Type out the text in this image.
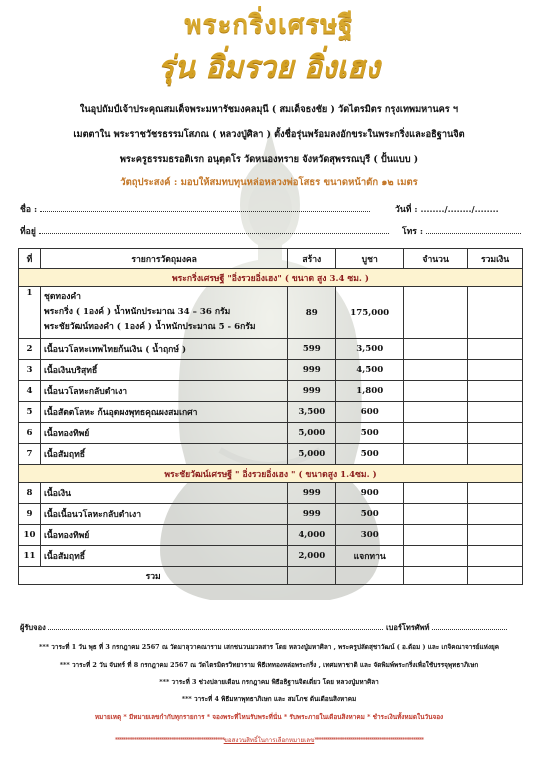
พระกริ่งเศรษฐี
รุ่น อิ่มรวย อิ่งเฮง
ในอุปถัมป์เจ้าประคุณสมเด็จพระมหารัชมงคลมุนี ( สมเด็จธงชัย ) วัดไตรมิตร กรุงเทพมหานคร ฯ
เมตตาใน พระราชวัชรธรรมโสภณ ( หลวงปู่ศิลา ) ตั้งชื่อรุ่นพร้อมลงอักขระในพระกริ่งและอธิฐานจิต
พระครูธรรมธรอติเรก อนุตฺตโร วัดหนองทราย จังหวัดสุพรรณบุรี ( ปั้นแบบ )
วัตถุประสงค์ : มอบให้สมทบทุนหล่อหลวงพ่อโสธร ขนาดหน้าตัก ๑๒ เมตร
ชื่อ :	วันที่ : ......../......../........
ที่อยู่	โทร :
ที่	รายการวัตถุมงคล	สร้าง	บูชา	จำนวน	รวมเงิน
พระกริ่งเศรษฐี "อิ่งรวยอิ่งเฮง" ( ขนาด สูง 3.4 ซม. )					
1	ชุดทองคำ
พระกริ่ง ( 1องค์ ) น้ำหนักประมาณ 34 – 36 กรัม
พระชัยวัฒน์ทองคำ ( 1องค์ ) น้ำหนักประมาณ 5 - 6กรัม	89	175,000		
2	เนื้อนวโลหะเทพไทยก้นเงิน ( น้ำฤกษ์ )	599	3,500		
3	เนื้อเงินบริสุทธิ์	999	4,500		
4	เนื้อนวโลหะกลับดำเงา	999	1,800		
5	เนื้อสัตตโลหะ ก้นอุดผงพุทธคุณผงสมเกศา	3,500	600		
6	เนื้อทองทิพย์	5,000	500		
7	เนื้อสัมฤทธิ์	5,000	500		
พระชัยวัฒน์เศรษฐี " อิ่งรวยอิ่งเฮง " ( ขนาดสูง 1.4ซม. )					
8	เนื้อเงิน	999	900		
9	เนื้อเนื้อนวโลหะกลับดำเงา	999	500		
10	เนื้อทองทิพย์	4,000	300		
11	เนื้อสัมฤทธิ์	2,000	แจกทาน		
รวม					
ผู้รับจอง	เบอร์โทรศัพท์
*** วาระที่ 1 วัน พุธ ที่ 3 กรกฎาคม 2567 ณ วัดมาลุวาคณาราม เสกชนวนมวลสาร โดย หลวงปู่มหาศิลา , พระครูปลัดสุชาวัฒน์ ( อ.ต้อม ) และ เกจิคณาจารย์แห่งยุค
*** วาระที่ 2 วัน จันทร์ ที่ 8 กรกฎาคม 2567 ณ วัดไตรมิตรวิทยาราม พิธีเททองหล่อพระกริ่ง , เทศมหาชาติ และ จัดพิมพ์พระกริ่งเพื่อใช้บรรจุพุทธาภิเษก
*** วาระที่ 3 ช่วงปลายเดือน กรกฎาคม พิธีอธิฐานจิตเดี่ยว โดย หลวงปู่มหาศิลา
*** วาระที่ 4 พิธีมหาพุทธาภิเษก และ สมโภช ต้นเดือนสิงหาคม
หมายเหตุ * มีหมายเลขกำกับทุกรายการ * จองพระที่ไหนรับพระที่นั่น * รับพระภายในเดือนสิงหาคม * ชำระเงินทั้งหมดในวันจอง
****************************************************ขอสงวนสิทธิ์ในการเลือกหมายเลข****************************************************
